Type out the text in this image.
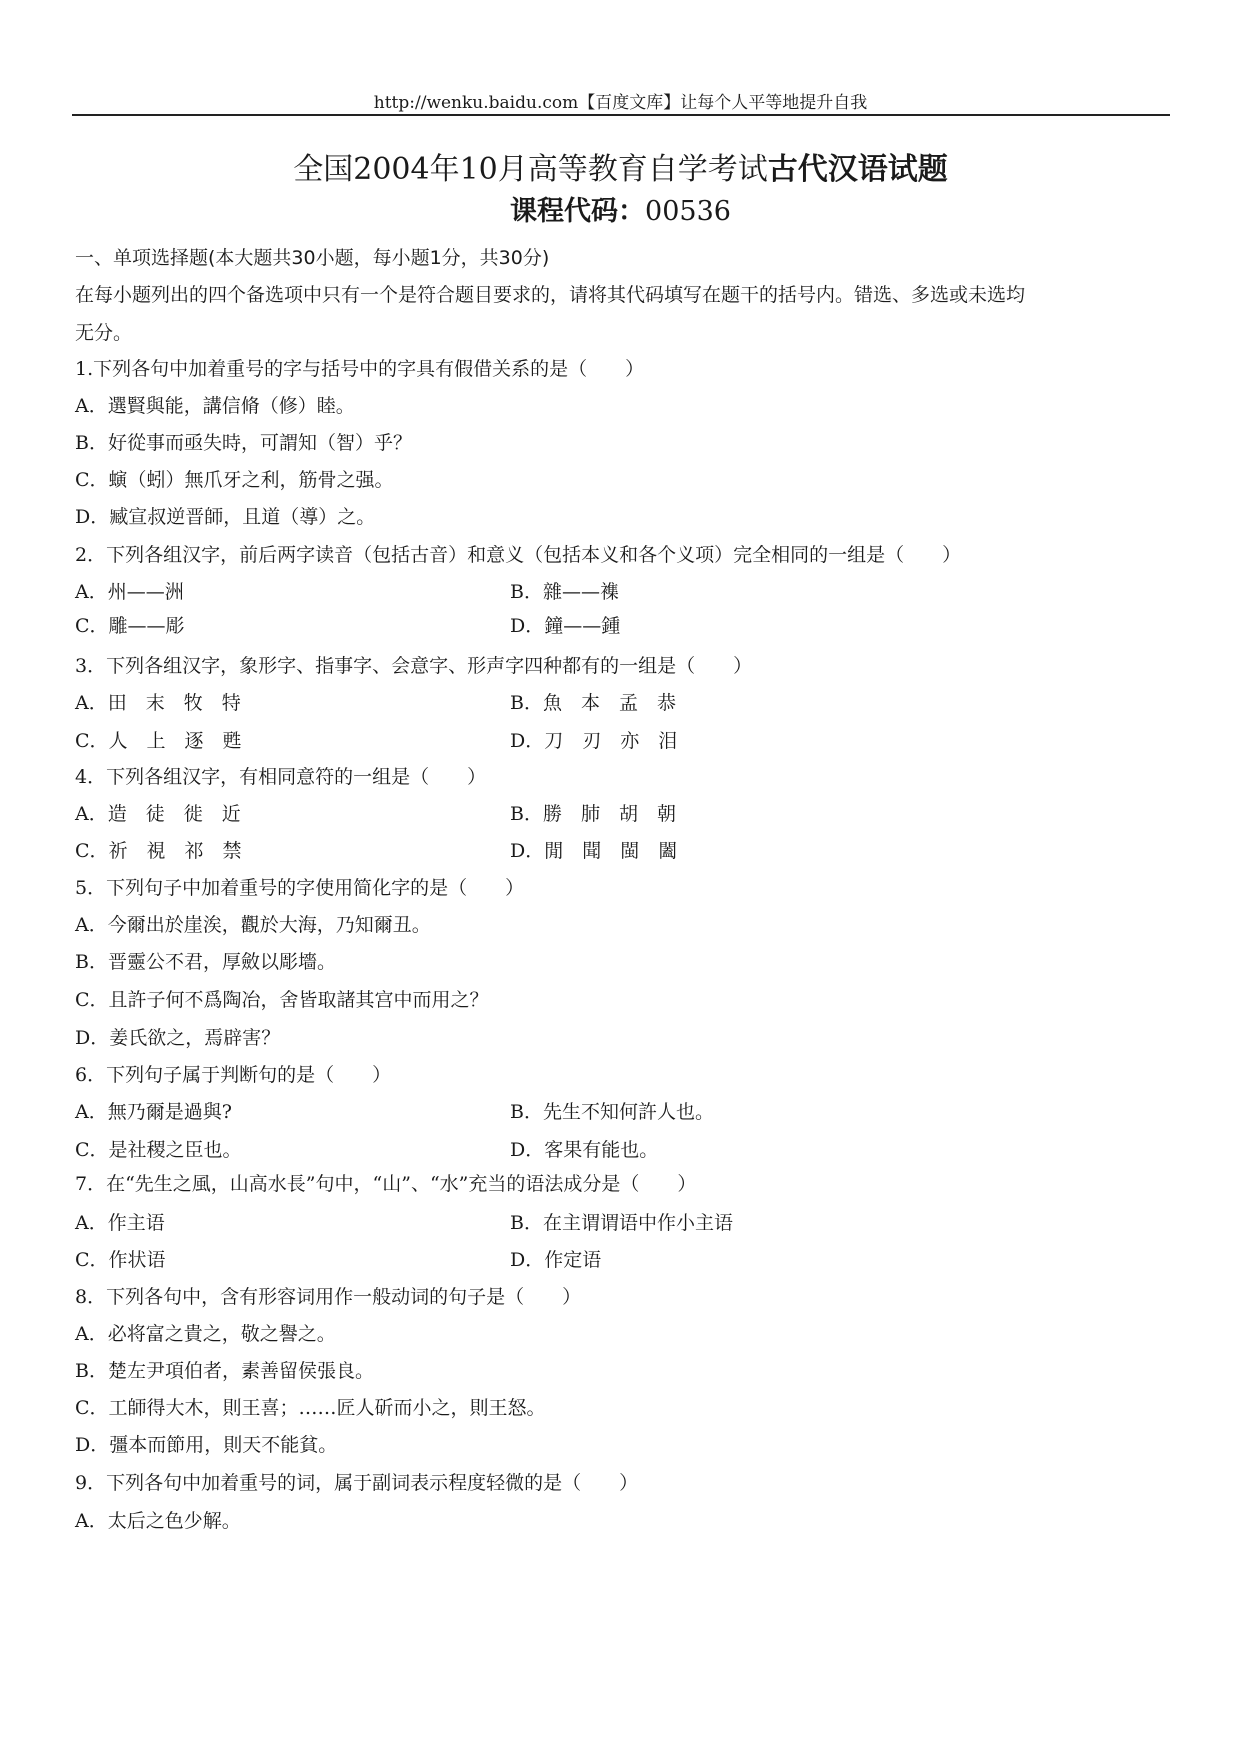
http://wenku.baidu.com【百度文库】让每个人平等地提升自我
全国2004年10月高等教育自学考试古代汉语试题
课程代码：00536
一、单项选择题(本大题共30小题，每小题1分，共30分)
在每小题列出的四个备选项中只有一个是符合题目要求的，请将其代码填写在题干的括号内。错选、多选或未选均
无分。
1.下列各句中加着重号的字与括号中的字具有假借关系的是（　　）
A．選賢與能，講信脩（修）睦。
B．好從事而亟失時，可謂知（智）乎？
C．螾（蚓）無爪牙之利，筋骨之强。
D．臧宣叔逆晋師，且道（導）之。
2．下列各组汉字，前后两字读音（包括古音）和意义（包括本义和各个义项）完全相同的一组是（　　）
A．州——洲	B．雜——襍
C．雕——彫	D．鐘——鍾
3．下列各组汉字，象形字、指事字、会意字、形声字四种都有的一组是（　　）
A．田　末　牧　特	B．魚　本　孟　恭
C．人　上　逐　甦	D．刀　刃　亦　泪
4．下列各组汉字，有相同意符的一组是（　　）
A．造　徒　徙　近	B．勝　肺　胡　朝
C．祈　視　祁　禁	D．閒　聞　閩　闔
5．下列句子中加着重号的字使用简化字的是（　　）
A．今爾出於崖涘，觀於大海，乃知爾丑。
B．晋靈公不君，厚斂以彫墻。
C．且許子何不爲陶冶，舍皆取諸其宫中而用之？
D．姜氏欲之，焉辟害？
6．下列句子属于判断句的是（　　）
A．無乃爾是過與?	B．先生不知何許人也。
C．是社稷之臣也。	D．客果有能也。
7．在“先生之風，山高水長”句中，“山”、“水”充当的语法成分是（　　）
A．作主语	B．在主谓谓语中作小主语
C．作状语	D．作定语
8．下列各句中，含有形容词用作一般动词的句子是（　　）
A．必将富之貴之，敬之譽之。
B．楚左尹項伯者，素善留侯張良。
C．工師得大木，則王喜；……匠人斫而小之，則王怒。
D．彊本而節用，則天不能貧。
9．下列各句中加着重号的词，属于副词表示程度轻微的是（　　）
A．太后之色少解。
